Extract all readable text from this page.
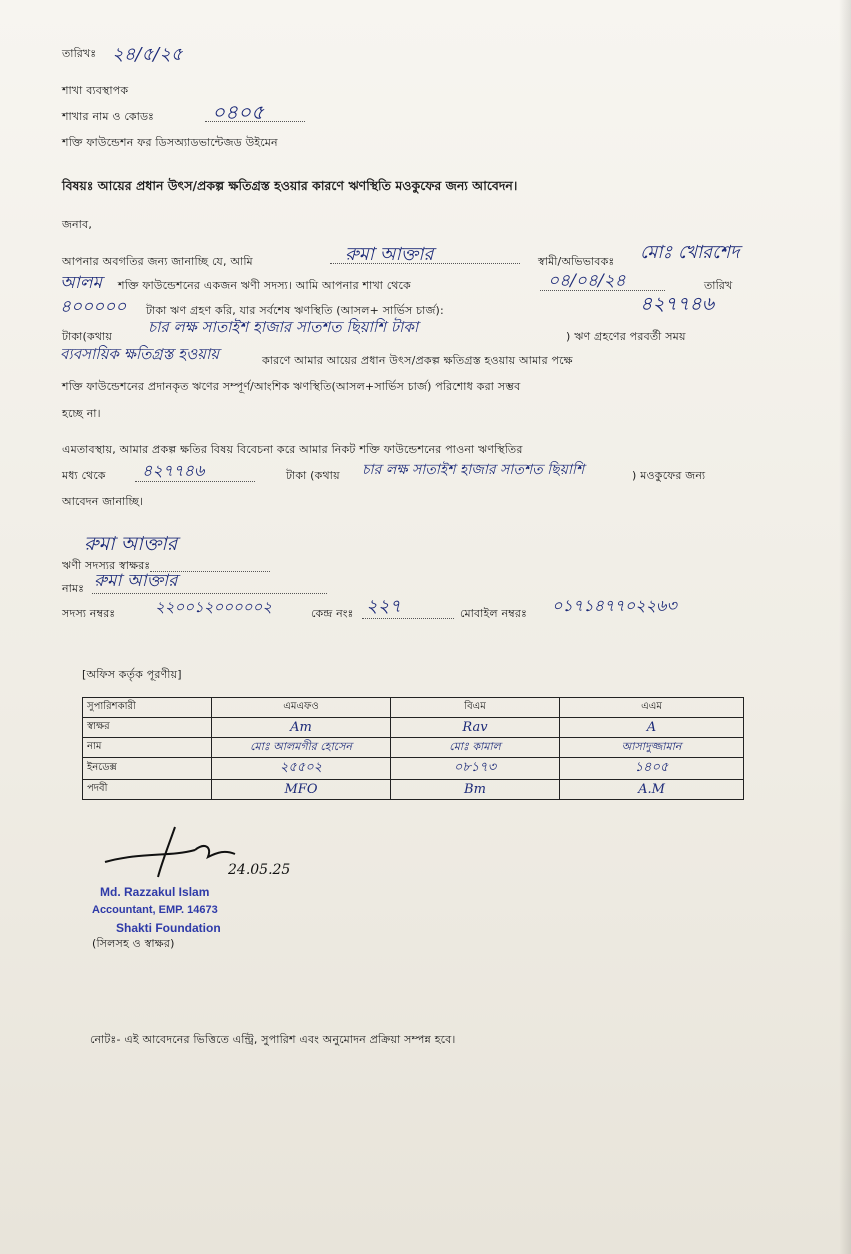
তারিখঃ ২৪/৫/২৫
শাখা ব্যবস্থাপক
শাখার নাম ও কোডঃ	০৪০৫
শক্তি ফাউন্ডেশন ফর ডিসঅ্যাডভান্টেজড উইমেন
বিষয়ঃ আয়ের প্রধান উৎস/প্রকল্প ক্ষতিগ্রস্ত হওয়ার কারণে ঋণস্থিতি মওকুফের জন্য আবেদন।
জনাব,
আপনার অবগতির জন্য জানাচ্ছি যে, আমি	রুমা আক্তার	স্বামী/অভিভাবকঃ মোঃ খোরশেদ
আলম শক্তি ফাউন্ডেশনের একজন ঋণী সদস্য। আমি আপনার শাখা থেকে	০৪/০৪/২৪	তারিখ
৪০০০০০ টাকা ঋণ গ্রহণ করি, যার সর্বশেষ ঋণস্থিতি (আসল+ সার্ভিস চার্জ):	৪২৭৭৪৬
টাকা(কথায়
চার লক্ষ সাতাইশ হাজার সাতশত ছিয়াশি টাকা
) ঋণ গ্রহণের পরবর্তী সময়
ব্যবসায়িক ক্ষতিগ্রস্ত হওয়ায়	কারণে আমার আয়ের প্রধান উৎস/প্রকল্প ক্ষতিগ্রস্ত হওয়ায় আমার পক্ষে
শক্তি ফাউন্ডেশনের প্রদানকৃত ঋণের সম্পূর্ণ/আংশিক ঋণস্থিতি(আসল+সার্ভিস চার্জ) পরিশোধ করা সম্ভব
হচ্ছে না।
এমতাবস্থায়, আমার প্রকল্প ক্ষতির বিষয় বিবেচনা করে আমার নিকট শক্তি ফাউন্ডেশনের পাওনা ঋণস্থিতির
মধ্য থেকে ৪২৭৭৪৬	টাকা (কথায় চার লক্ষ সাতাইশ হাজার সাতশত ছিয়াশি	) মওকুফের জন্য
আবেদন জানাচ্ছি।
রুমা আক্তার
ঋণী সদস্যর স্বাক্ষরঃ
নামঃ রুমা আক্তার
সদস্য নম্বরঃ	২২০০১২০০০০০২	কেন্দ্র নংঃ ২২৭	মোবাইল নম্বরঃ ০১৭১৪৭৭০২২৬৩
[অফিস কর্তৃক পূরণীয়]
সুপারিশকারী	এমএফও	বিএম	এএম
স্বাক্ষর	Am	Rav	A
নাম	মোঃ আলমগীর হোসেন	মোঃ কামাল	আসাদুজ্জামান
ইনডেক্স	২৫৫০২	০৮১৭৩	১৪০৫
পদবী	MFO	Bm	A.M
24.05.25
Md. Razzakul Islam
Accountant, EMP. 14673
Shakti Foundation
(সিলসহ ও স্বাক্ষর)
নোটঃ- এই আবেদনের ভিত্তিতে এন্ট্রি, সুপারিশ এবং অনুমোদন প্রক্রিয়া সম্পন্ন হবে।
